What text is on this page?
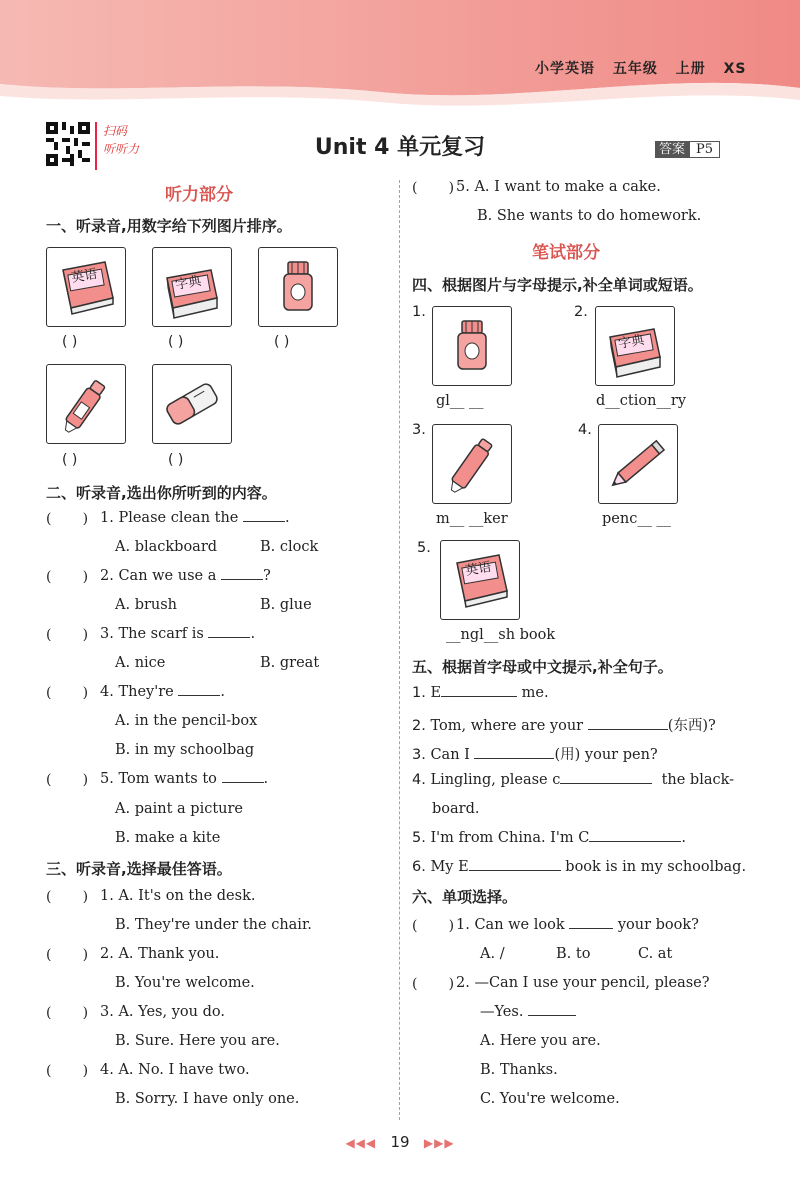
小学英语 五年级 上册 XS
扫码
听听力	Unit 4 单元复习	答案 P5
听力部分
一、听录音,用数字给下列图片排序。
英语	字典
( )	( )	( )
( )	( )
二、听录音,选出你所听到的内容。
(       ) 1. Please clean the	.
A. blackboard	B. clock
(       ) 2. Can we use a	?
A. brush	B. glue
(       ) 3. The scarf is	.
A. nice	B. great
(       ) 4. They're	.
A. in the pencil-box
B. in my schoolbag
(       ) 5. Tom wants to	.
A. paint a picture
B. make a kite
三、听录音,选择最佳答语。
(       ) 1. A. It's on the desk.
B. They're under the chair.
(       ) 2. A. Thank you.
B. You're welcome.
(       ) 3. A. Yes, you do.
B. Sure. Here you are.
(       ) 4. A. No. I have two.
B. Sorry. I have only one.
(       ) 5. A. I want to make a cake.
B. She wants to do homework.
笔试部分
四、根据图片与字母提示,补全单词或短语。
1.
gl__ __
2.
字典
d__ction__ry
3.
m__ __ker
4.
penc__ __
5.
英语
__ngl__sh book
五、根据首字母或中文提示,补全句子。
1. E	me.
2. Tom, where are your	(东西)?
3. Can I	(用) your pen?
4. Lingling, please c	the black-
board.
5. I'm from China. I'm C	.
6. My E	book is in my schoolbag.
六、单项选择。
(       ) 1. Can we look	your book?
A. /	B. to	C. at
(       ) 2. —Can I use your pencil, please?
—Yes.
A. Here you are.
B. Thanks.
C. You're welcome.
◀◀◀ 19 ▶▶▶
